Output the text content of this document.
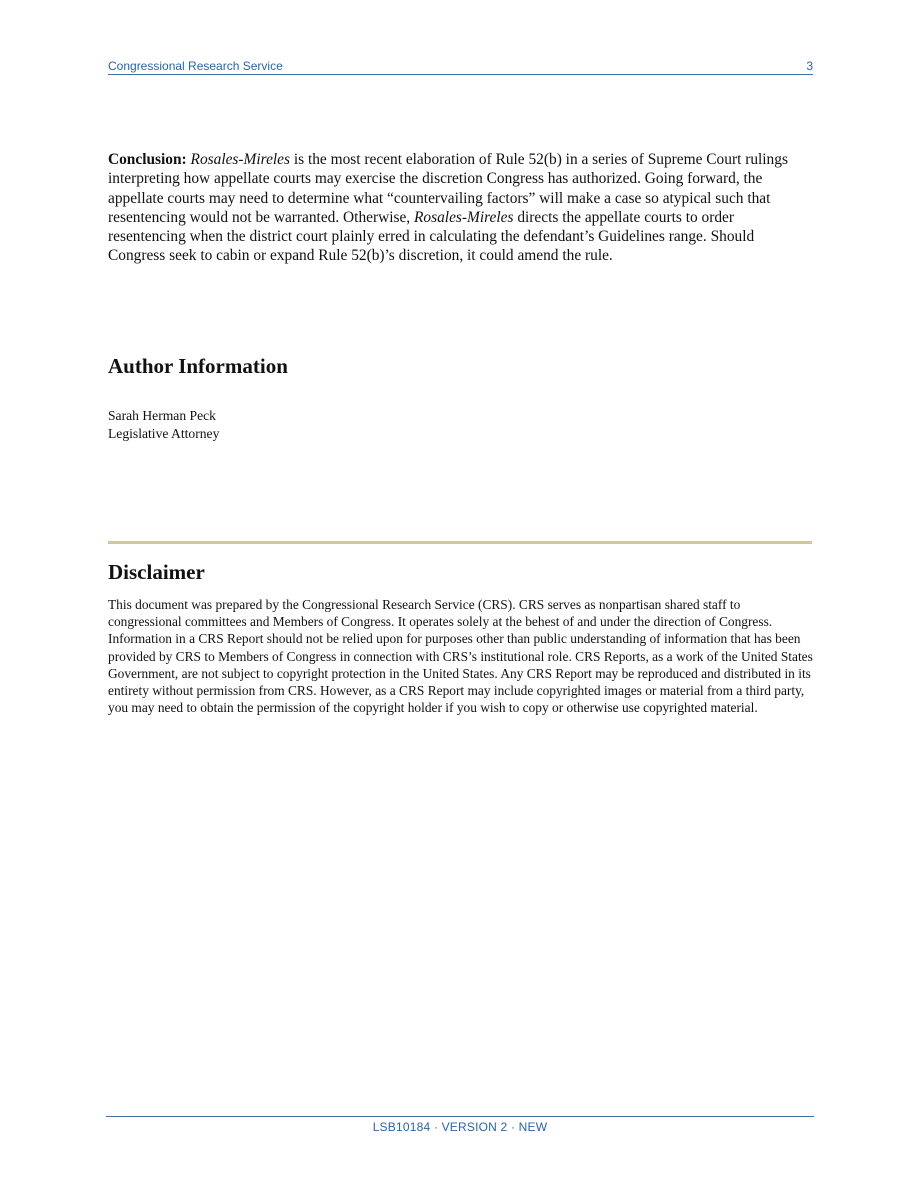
Congressional Research Service	3

Conclusion: Rosales-Mireles is the most recent elaboration of Rule 52(b) in a series of Supreme Court rulings interpreting how appellate courts may exercise the discretion Congress has authorized. Going forward, the appellate courts may need to determine what “countervailing factors” will make a case so atypical such that resentencing would not be warranted. Otherwise, Rosales-Mireles directs the appellate courts to order resentencing when the district court plainly erred in calculating the defendant’s Guidelines range. Should Congress seek to cabin or expand Rule 52(b)’s discretion, it could amend the rule.

Author Information
Sarah Herman Peck
Legislative Attorney
Disclaimer

This document was prepared by the Congressional Research Service (CRS). CRS serves as nonpartisan shared staff to congressional committees and Members of Congress. It operates solely at the behest of and under the direction of Congress. Information in a CRS Report should not be relied upon for purposes other than public understanding of information that has been provided by CRS to Members of Congress in connection with CRS’s institutional role. CRS Reports, as a work of the United States Government, are not subject to copyright protection in the United States. Any CRS Report may be reproduced and distributed in its entirety without permission from CRS. However, as a CRS Report may include copyrighted images or material from a third party, you may need to obtain the permission of the copyright holder if you wish to copy or otherwise use copyrighted material.

LSB10184 · VERSION 2 · NEW
